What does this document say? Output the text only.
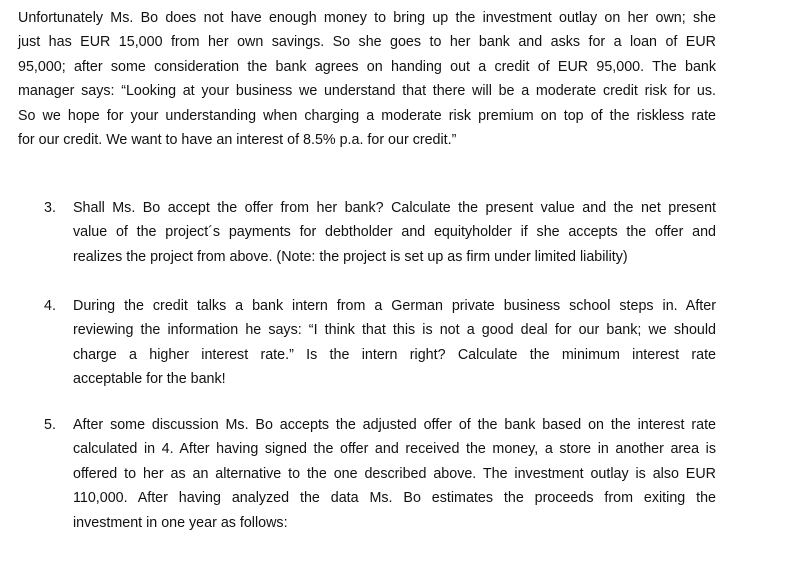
Unfortunately Ms. Bo does not have enough money to bring up the investment outlay on her own; she
just has EUR 15,000 from her own savings. So she goes to her bank and asks for a loan of EUR
95,000; after some consideration the bank agrees on handing out a credit of EUR 95,000. The bank
manager says: “Looking at your business we understand that there will be a moderate credit risk for us.
So we hope for your understanding when charging a moderate risk premium on top of the riskless rate
for our credit. We want to have an interest of 8.5% p.a. for our credit.”
3. Shall Ms. Bo accept the offer from her bank? Calculate the present value and the net present
value of the project´s payments for debtholder and equityholder if she accepts the offer and
realizes the project from above. (Note: the project is set up as firm under limited liability)
4. During the credit talks a bank intern from a German private business school steps in. After
reviewing the information he says: “I think that this is not a good deal for our bank; we should
charge a higher interest rate.” Is the intern right? Calculate the minimum interest rate
acceptable for the bank!
5. After some discussion Ms. Bo accepts the adjusted offer of the bank based on the interest rate
calculated in 4. After having signed the offer and received the money, a store in another area is
offered to her as an alternative to the one described above. The investment outlay is also EUR
110,000. After having analyzed the data Ms. Bo estimates the proceeds from exiting the
investment in one year as follows:
